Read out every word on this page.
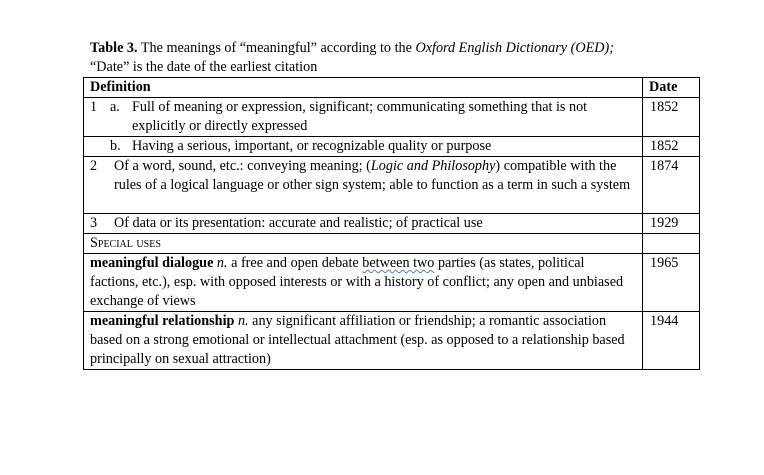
Table 3. The meanings of “meaningful” according to the Oxford English Dictionary (OED);
“Date” is the date of the earliest citation
Definition	Date

1 a. Full of meaning or expression, significant; communicating something that is not explicitly or directly expressed	1852

b. Having a serious, important, or recognizable quality or purpose	1852

2 Of a word, sound, etc.: conveying meaning; (Logic and Philosophy) compatible with the rules of a logical language or other sign system; able to function as a term in such a system	1874

3 Of data or its presentation: accurate and realistic; of practical use	1929
Special uses	
meaningful dialogue n. a free and open debate between two parties (as states, political factions, etc.), esp. with opposed interests or with a history of conflict; any open and unbiased exchange of views	1965
meaningful relationship n. any significant affiliation or friendship; a romantic association based on a strong emotional or intellectual attachment (esp. as opposed to a relationship based principally on sexual attraction)	1944
